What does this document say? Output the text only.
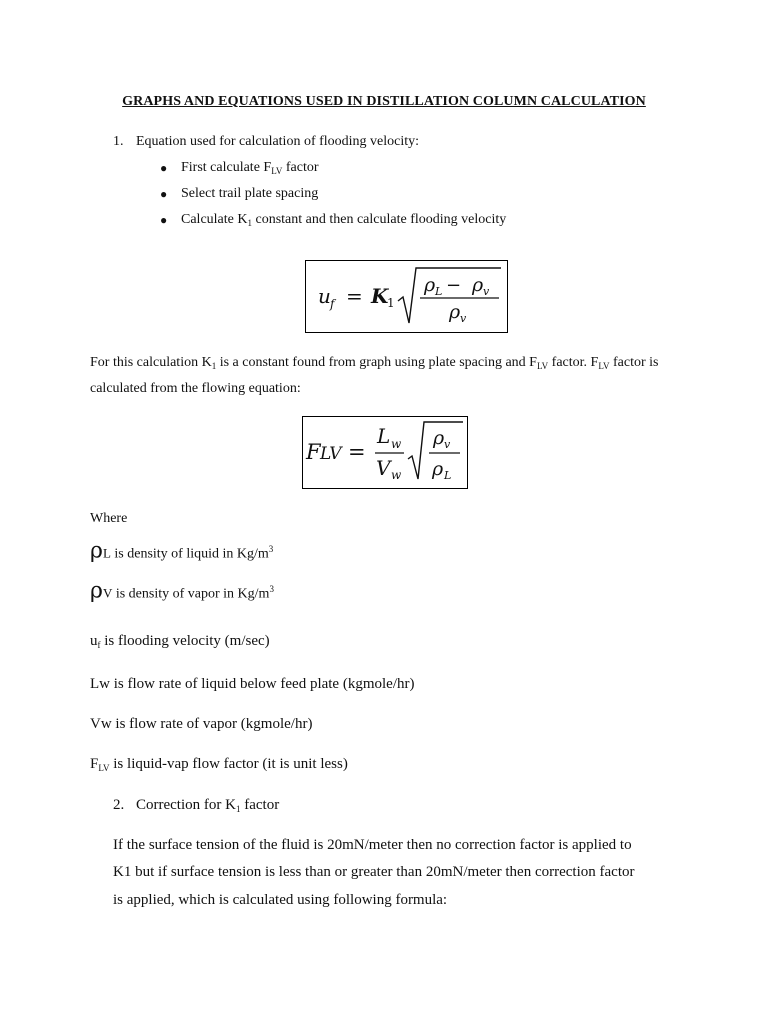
GRAPHS AND EQUATIONS USED IN DISTILLATION COLUMN CALCULATION
1. Equation used for calculation of flooding velocity:
● First calculate $F_{LV}$ factor
● Select trail plate spacing
● Calculate $K_1$ constant and then calculate flooding velocity
u f = K
1
ρ L − ρ v
ρ v
For this calculation $K_1$ is a constant found from graph using plate spacing and $F_{LV}$ factor. $F_{LV}$ factor is
calculated from the flowing equation:
F LV =
L w
V w
ρ v
ρ L
Where
ρL is density of liquid in $Kg/m^3$
ρV is density of vapor in $Kg/m^3$
$u_f$ is flooding velocity (m/sec)
Lw is flow rate of liquid below feed plate (kgmole/hr)
Vw is flow rate of vapor (kgmole/hr)
$F_{LV}$ is liquid-vap flow factor (it is unit less)
2. Correction for $K_1$ factor
If the surface tension of the fluid is 20mN/meter then no correction factor is applied to
K1 but if surface tension is less than or greater than 20mN/meter then correction factor
is applied, which is calculated using following formula:
